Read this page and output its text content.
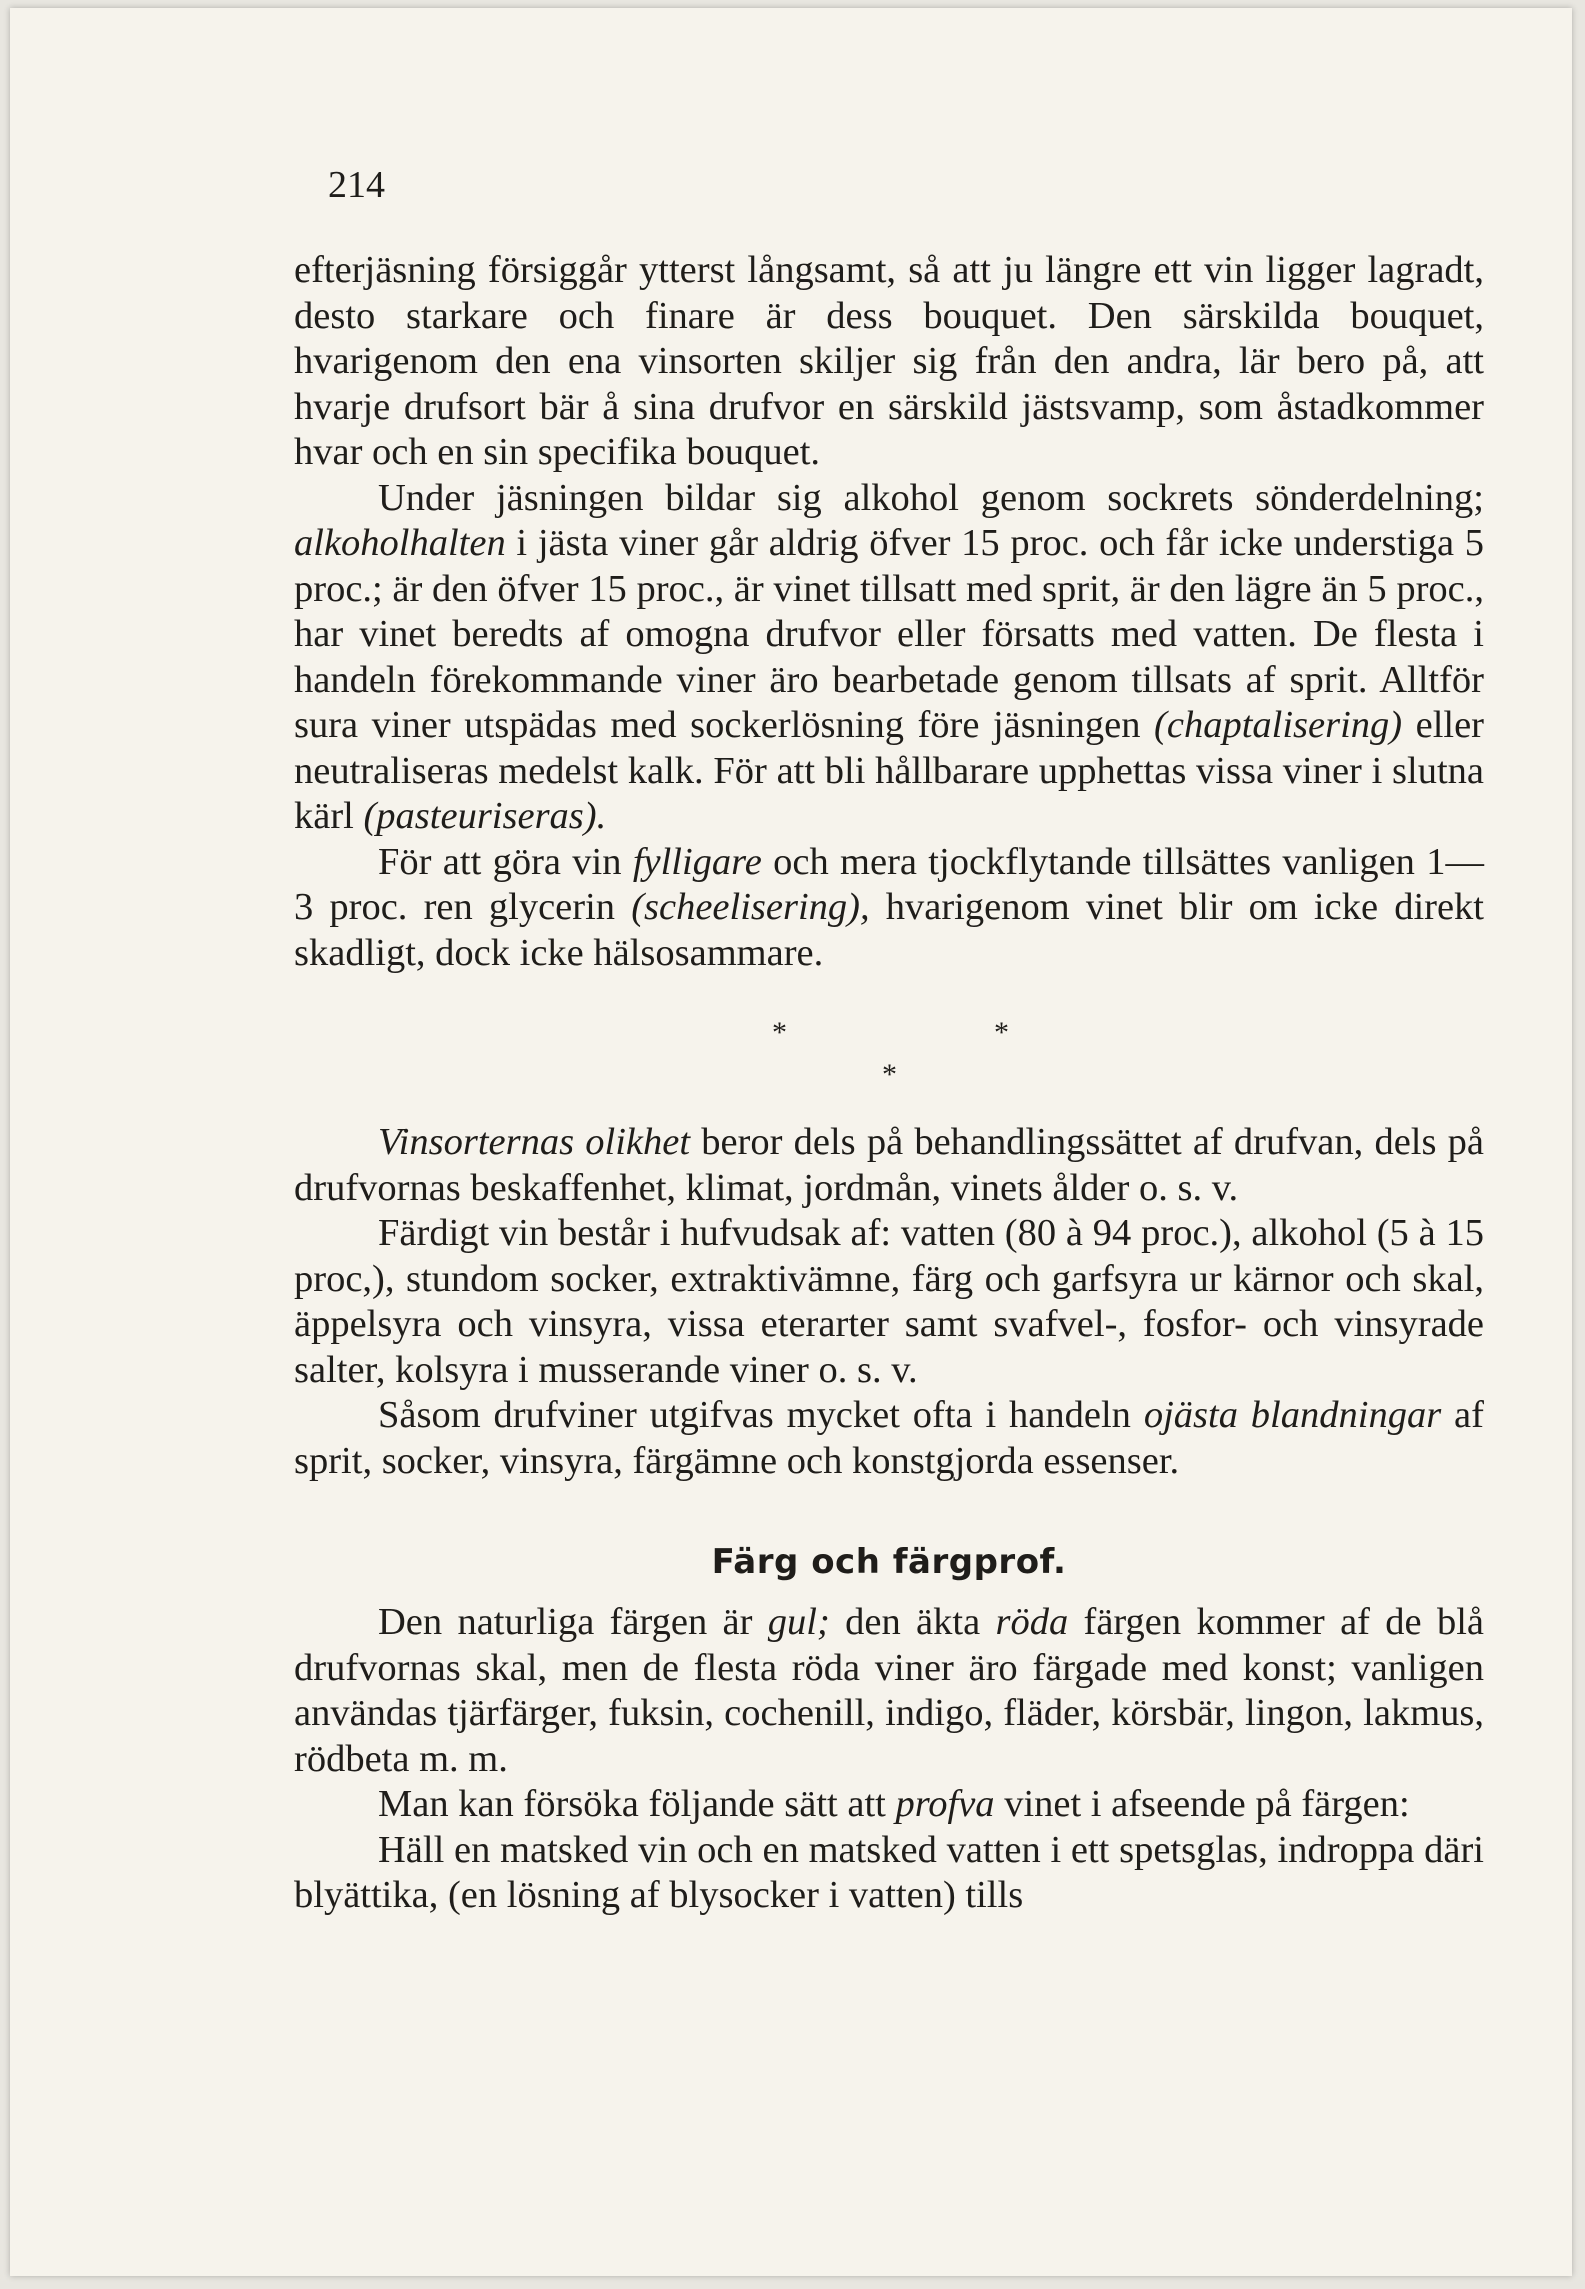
214

efterjäsning försiggår ytterst långsamt, så att ju längre ett vin ligger lagradt, desto starkare och finare är dess bouquet. Den särskilda bouquet, hvarigenom den ena vinsorten skiljer sig från den andra, lär bero på, att hvarje drufsort bär å sina drufvor en särskild jästsvamp, som åstadkommer hvar och en sin specifika bouquet.

Under jäsningen bildar sig alkohol genom sockrets sönderdelning; alkoholhalten i jästa viner går aldrig öfver 15 proc. och får icke understiga 5 proc.; är den öfver 15 proc., är vinet tillsatt med sprit, är den lägre än 5 proc., har vinet beredts af omogna drufvor eller försatts med vatten. De flesta i handeln förekommande viner äro bearbetade genom tillsats af sprit. Alltför sura viner utspädas med sockerlösning före jäsningen (chaptalisering) eller neutraliseras medelst kalk. För att bli hållbarare upphettas vissa viner i slutna kärl (pasteuriseras).

För att göra vin fylligare och mera tjockflytande tillsättes vanligen 1—3 proc. ren glycerin (scheelisering), hvarigenom vinet blir om icke direkt skadligt, dock icke hälsosammare.

*	*
*

Vinsorternas olikhet beror dels på behandlingssättet af drufvan, dels på drufvornas beskaffenhet, klimat, jordmån, vinets ålder o. s. v.

Färdigt vin består i hufvudsak af: vatten (80 à 94 proc.), alkohol (5 à 15 proc,), stundom socker, extraktivämne, färg och garfsyra ur kärnor och skal, äppelsyra och vinsyra, vissa eterarter samt svafvel-, fosfor- och vinsyrade salter, kolsyra i musserande viner o. s. v.

Såsom drufviner utgifvas mycket ofta i handeln ojästa blandningar af sprit, socker, vinsyra, färgämne och konstgjorda essenser.

Färg och färgprof.

Den naturliga färgen är gul; den äkta röda färgen kommer af de blå drufvornas skal, men de flesta röda viner äro färgade med konst; vanligen användas tjärfärger, fuksin, cochenill, indigo, fläder, körsbär, lingon, lakmus, rödbeta m. m.

Man kan försöka följande sätt att profva vinet i afseende på färgen:

Häll en matsked vin och en matsked vatten i ett spetsglas, indroppa däri blyättika, (en lösning af blysocker i vatten) tills
